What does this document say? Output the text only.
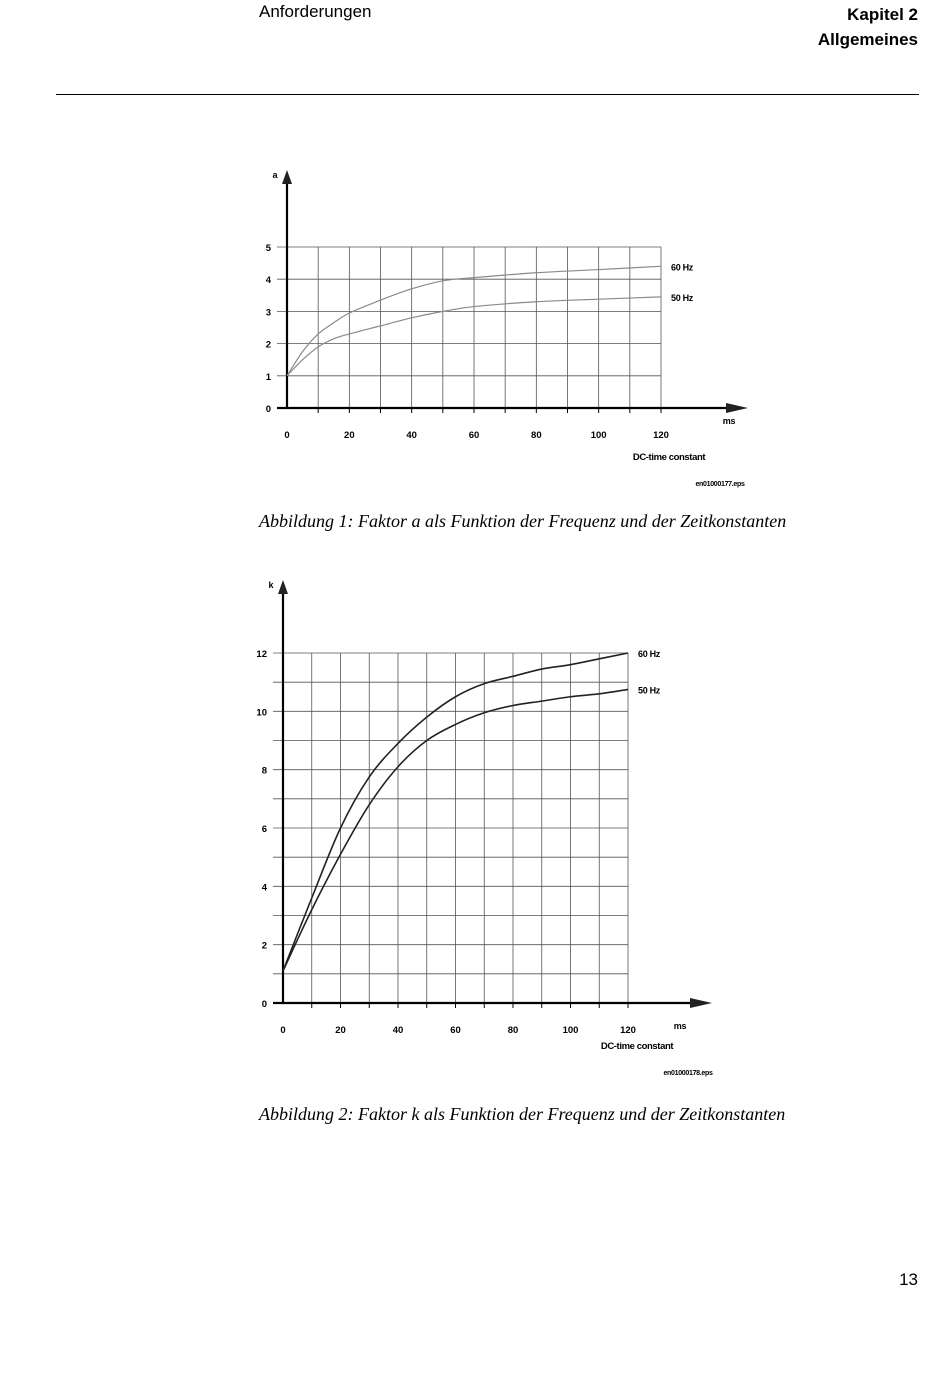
Anforderungen	Kapitel 2
Allgemeines
0
1
2
3
4
5
0	20	40	60	80	100	120
a
ms
DC-time constant
en01000177.eps
60 Hz
50 Hz
0
2
4
6
8
10
12
0	20	40	60	80	100	120
k
ms
DC-time constant
en01000178.eps
60 Hz
50 Hz
Abbildung 1: Faktor a als Funktion der Frequenz und der Zeitkonstanten
Abbildung 2: Faktor k als Funktion der Frequenz und der Zeitkonstanten
13
